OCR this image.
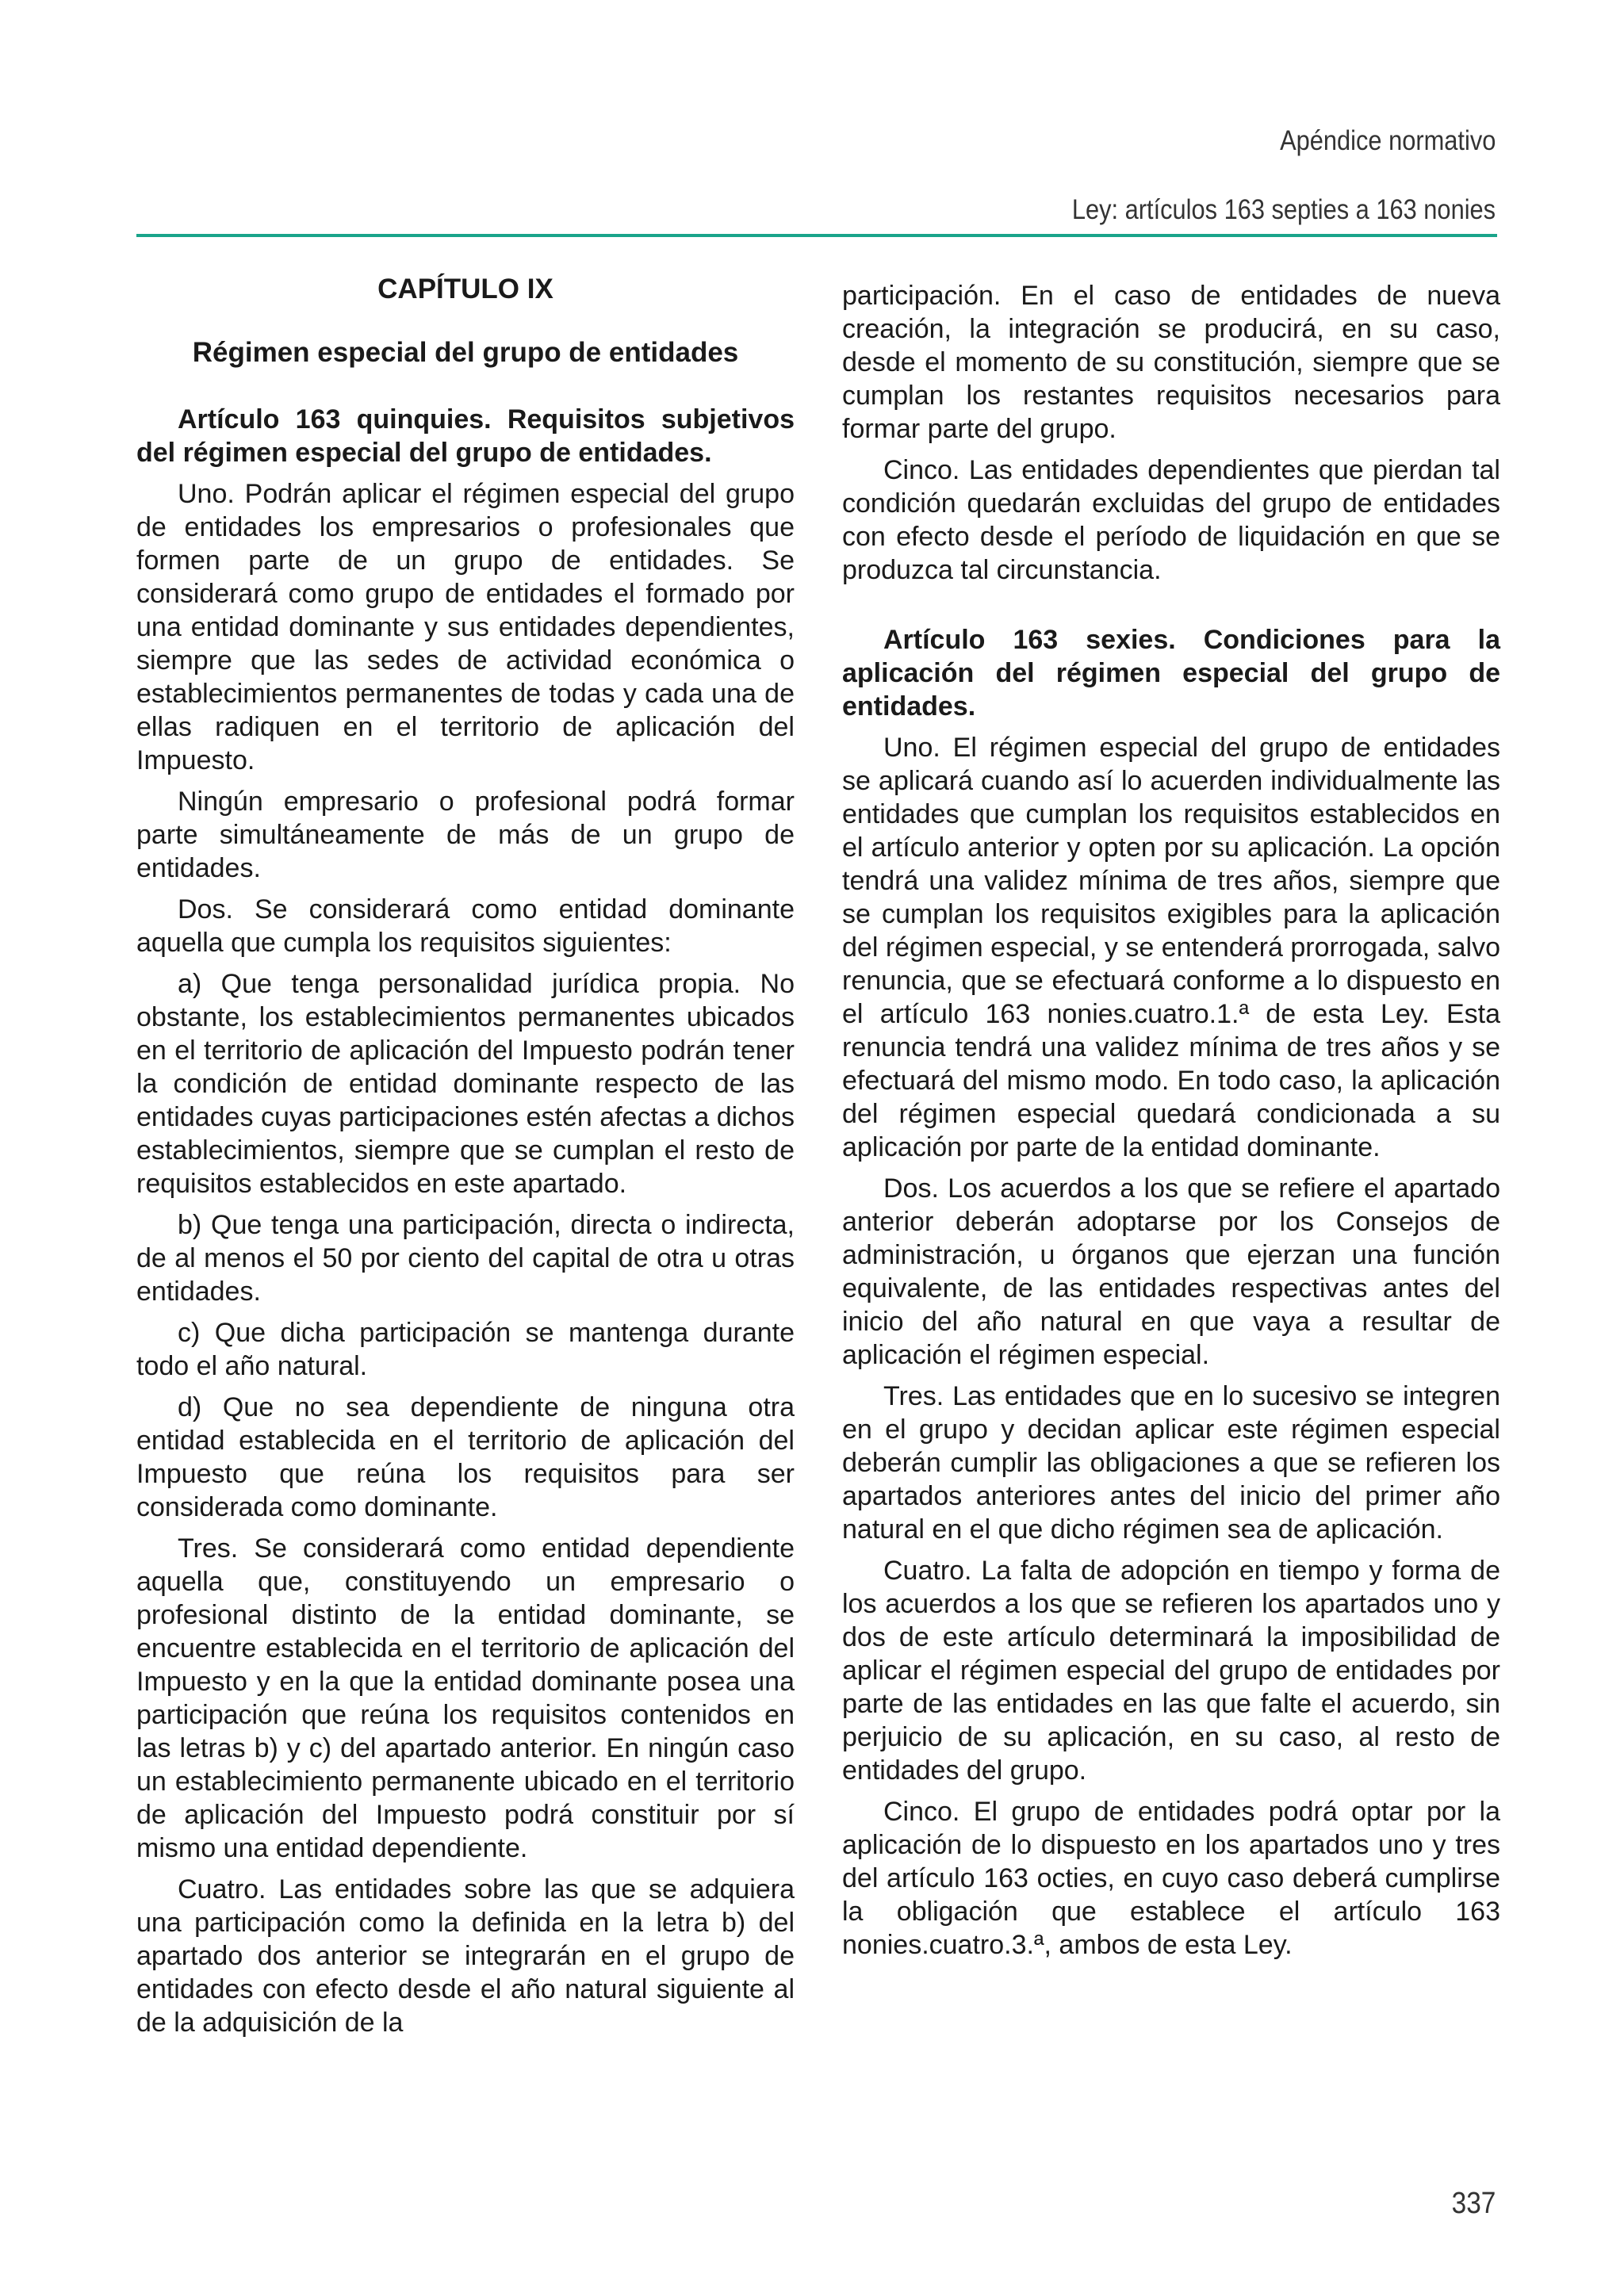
Apéndice normativo
Ley: artículos 163 septies a 163 nonies
CAPÍTULO IX
Régimen especial del grupo de entidades

Artículo 163 quinquies. Requisitos subjetivos del régimen especial del grupo de entidades.

Uno. Podrán aplicar el régimen especial del grupo de entidades los empresarios o profesionales que formen parte de un grupo de entidades. Se considerará como grupo de entidades el formado por una entidad dominante y sus entidades dependientes, siempre que las sedes de actividad económica o establecimientos permanentes de todas y cada una de ellas radiquen en el territorio de aplicación del Impuesto.

Ningún empresario o profesional podrá formar parte simultáneamente de más de un grupo de entidades.

Dos. Se considerará como entidad dominante aquella que cumpla los requisitos siguientes:

a) Que tenga personalidad jurídica propia. No obstante, los establecimientos permanentes ubicados en el territorio de aplicación del Impuesto podrán tener la condición de entidad dominante respecto de las entidades cuyas participaciones estén afectas a dichos establecimientos, siempre que se cumplan el resto de requisitos establecidos en este apartado.

b) Que tenga una participación, directa o indirecta, de al menos el 50 por ciento del capital de otra u otras entidades.

c) Que dicha participación se mantenga durante todo el año natural.

d) Que no sea dependiente de ninguna otra entidad establecida en el territorio de aplicación del Impuesto que reúna los requisitos para ser considerada como dominante.

Tres. Se considerará como entidad dependiente aquella que, constituyendo un empresario o profesional distinto de la entidad dominante, se encuentre establecida en el territorio de aplicación del Impuesto y en la que la entidad dominante posea una participación que reúna los requisitos contenidos en las letras b) y c) del apartado anterior. En ningún caso un establecimiento permanente ubicado en el territorio de aplicación del Impuesto podrá constituir por sí mismo una entidad dependiente.

Cuatro. Las entidades sobre las que se adquiera una participación como la definida en la letra b) del apartado dos anterior se integrarán en el grupo de entidades con efecto desde el año natural siguiente al de la adquisición de la

participación. En el caso de entidades de nueva creación, la integración se producirá, en su caso, desde el momento de su constitución, siempre que se cumplan los restantes requisitos necesarios para formar parte del grupo.

Cinco. Las entidades dependientes que pierdan tal condición quedarán excluidas del grupo de entidades con efecto desde el período de liquidación en que se produzca tal circunstancia.

Artículo 163 sexies. Condiciones para la aplicación del régimen especial del grupo de entidades.

Uno. El régimen especial del grupo de entidades se aplicará cuando así lo acuerden individualmente las entidades que cumplan los requisitos establecidos en el artículo anterior y opten por su aplicación. La opción tendrá una validez mínima de tres años, siempre que se cumplan los requisitos exigibles para la aplicación del régimen especial, y se entenderá prorrogada, salvo renuncia, que se efectuará conforme a lo dispuesto en el artículo 163 nonies.cuatro.1.ª de esta Ley. Esta renuncia tendrá una validez mínima de tres años y se efectuará del mismo modo. En todo caso, la aplicación del régimen especial quedará condicionada a su aplicación por parte de la entidad dominante.

Dos. Los acuerdos a los que se refiere el apartado anterior deberán adoptarse por los Consejos de administración, u órganos que ejerzan una función equivalente, de las entidades respectivas antes del inicio del año natural en que vaya a resultar de aplicación el régimen especial.

Tres. Las entidades que en lo sucesivo se integren en el grupo y decidan aplicar este régimen especial deberán cumplir las obligaciones a que se refieren los apartados anteriores antes del inicio del primer año natural en el que dicho régimen sea de aplicación.

Cuatro. La falta de adopción en tiempo y forma de los acuerdos a los que se refieren los apartados uno y dos de este artículo determinará la imposibilidad de aplicar el régimen especial del grupo de entidades por parte de las entidades en las que falte el acuerdo, sin perjuicio de su aplicación, en su caso, al resto de entidades del grupo.

Cinco. El grupo de entidades podrá optar por la aplicación de lo dispuesto en los apartados uno y tres del artículo 163 octies, en cuyo caso deberá cumplirse la obligación que establece el artículo 163 nonies.cuatro.3.ª, ambos de esta Ley.

337
